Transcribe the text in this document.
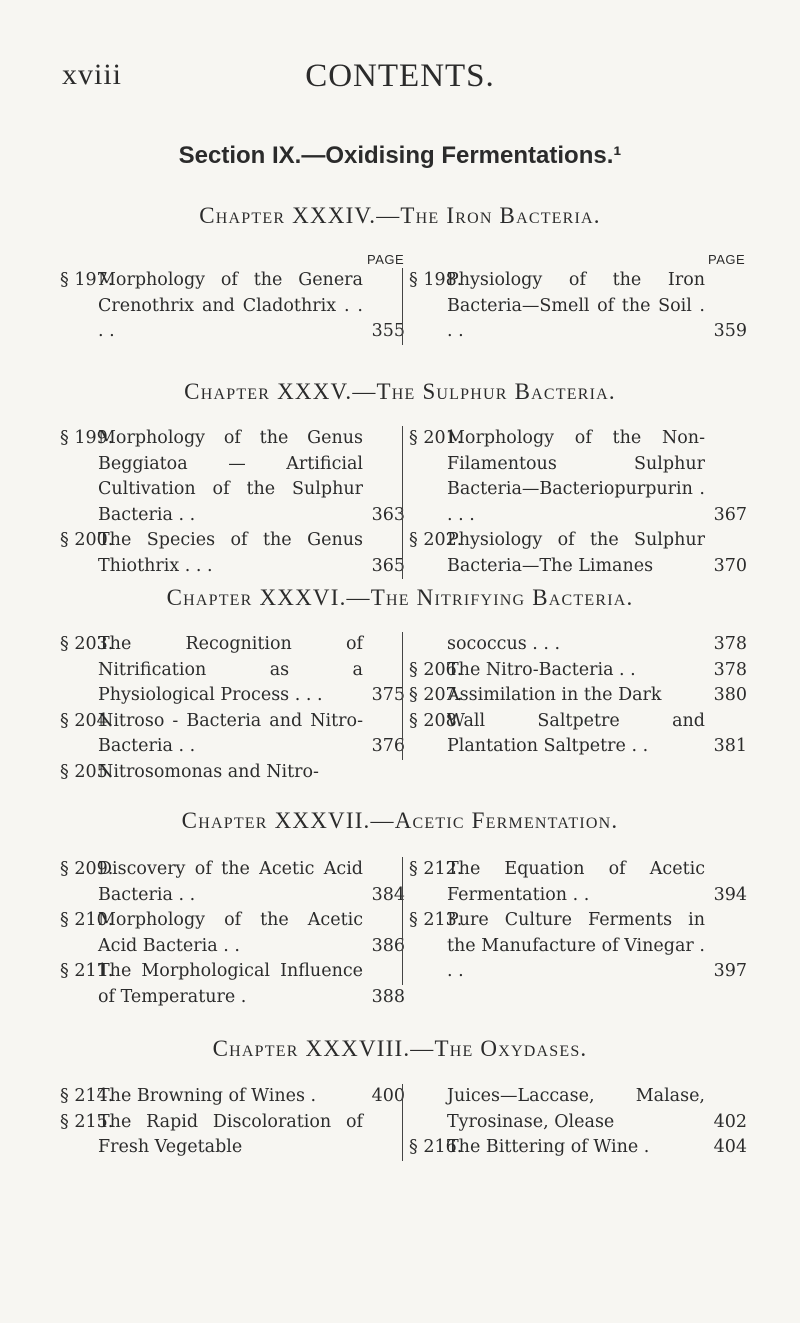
xviii	CONTENTS.
Section IX.—Oxidising Fermentations.¹
Chapter XXXIV.—The Iron Bacteria.
PAGE	PAGE
§ 197.
Morphology of the Genera Crenothrix and Cladothrix . . . .	355
§ 198.
Physiology of the Iron Bacteria—Smell of the Soil . . .	359
Chapter XXXV.—The Sulphur Bacteria.
§ 199.
Morphology of the Genus Beggiatoa — Artificial Cultivation of the Sulphur Bacteria . .	363
§ 200.
The Species of the Genus Thiothrix . . .	365
§ 201.
Morphology of the Non-Filamentous Sulphur Bacteria—Bacteriopurpurin . . . .	367
§ 202.
Physiology of the Sulphur Bacteria—The Limanes	370
Chapter XXXVI.—The Nitrifying Bacteria.
§ 203.
The Recognition of Nitrification as a Physiological Process . . .	375
§ 204.
Nitroso - Bacteria and Nitro-Bacteria . .	376
§ 205.
Nitrosomonas and Nitro-
sococcus . . .	378
§ 206.
The Nitro-Bacteria . .	378
§ 207.
Assimilation in the Dark	380
§ 208.
Wall Saltpetre and Plantation Saltpetre . .	381
Chapter XXXVII.—Acetic Fermentation.
§ 209.
Discovery of the Acetic Acid Bacteria . .	384
§ 210.
Morphology of the Acetic Acid Bacteria . .	386
§ 211.
The Morphological Influence of Temperature .	388
§ 212.
The Equation of Acetic Fermentation . .	394
§ 213.
Pure Culture Ferments in the Manufacture of Vinegar . . .	397
Chapter XXXVIII.—The Oxydases.
§ 214.
The Browning of Wines .	400
§ 215.
The Rapid Discoloration of Fresh Vegetable
Juices—Laccase, Malase, Tyrosinase, Olease	402
§ 216.
The Bittering of Wine .	404
